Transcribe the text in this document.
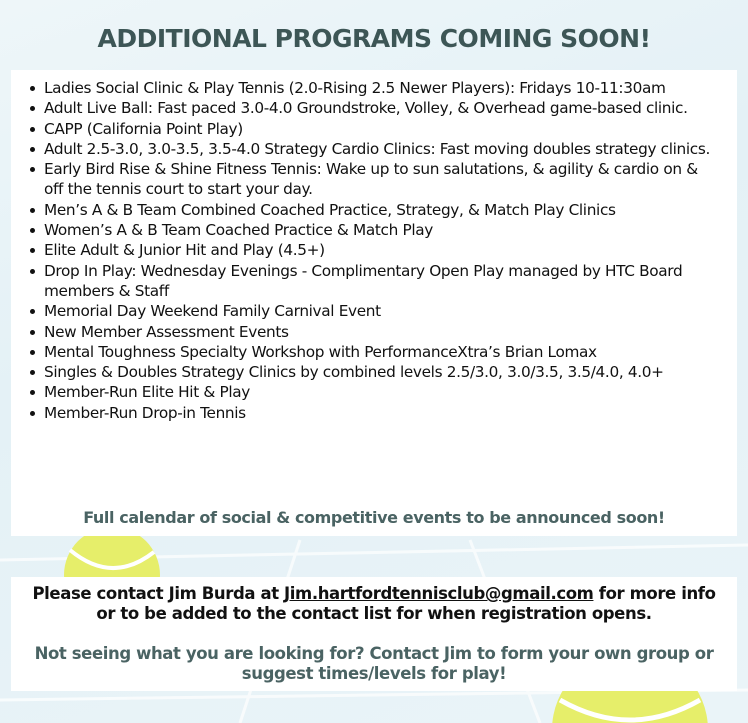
ADDITIONAL PROGRAMS COMING SOON!
Ladies Social Clinic & Play Tennis (2.0-Rising 2.5 Newer Players): Fridays 10-11:30am
Adult Live Ball: Fast paced 3.0-4.0 Groundstroke, Volley, & Overhead game-based clinic.
CAPP (California Point Play)
Adult 2.5-3.0, 3.0-3.5, 3.5-4.0 Strategy Cardio Clinics: Fast moving doubles strategy clinics.
Early Bird Rise & Shine Fitness Tennis: Wake up to sun salutations, & agility & cardio on & off the tennis court to start your day.
Men’s A & B Team Combined Coached Practice, Strategy, & Match Play Clinics
Women’s A & B Team Coached Practice & Match Play
Elite Adult & Junior Hit and Play (4.5+)
Drop In Play: Wednesday Evenings - Complimentary Open Play managed by HTC Board members & Staff
Memorial Day Weekend Family Carnival Event
New Member Assessment Events
Mental Toughness Specialty Workshop with PerformanceXtra’s Brian Lomax
Singles & Doubles Strategy Clinics by combined levels 2.5/3.0, 3.0/3.5, 3.5/4.0, 4.0+
Member-Run Elite Hit & Play
Member-Run Drop-in Tennis
Full calendar of social & competitive events to be announced soon!

Please contact Jim Burda at Jim.hartfordtennisclub@gmail.com for more info or to be added to the contact list for when registration opens.

Not seeing what you are looking for? Contact Jim to form your own group or suggest times/levels for play!
